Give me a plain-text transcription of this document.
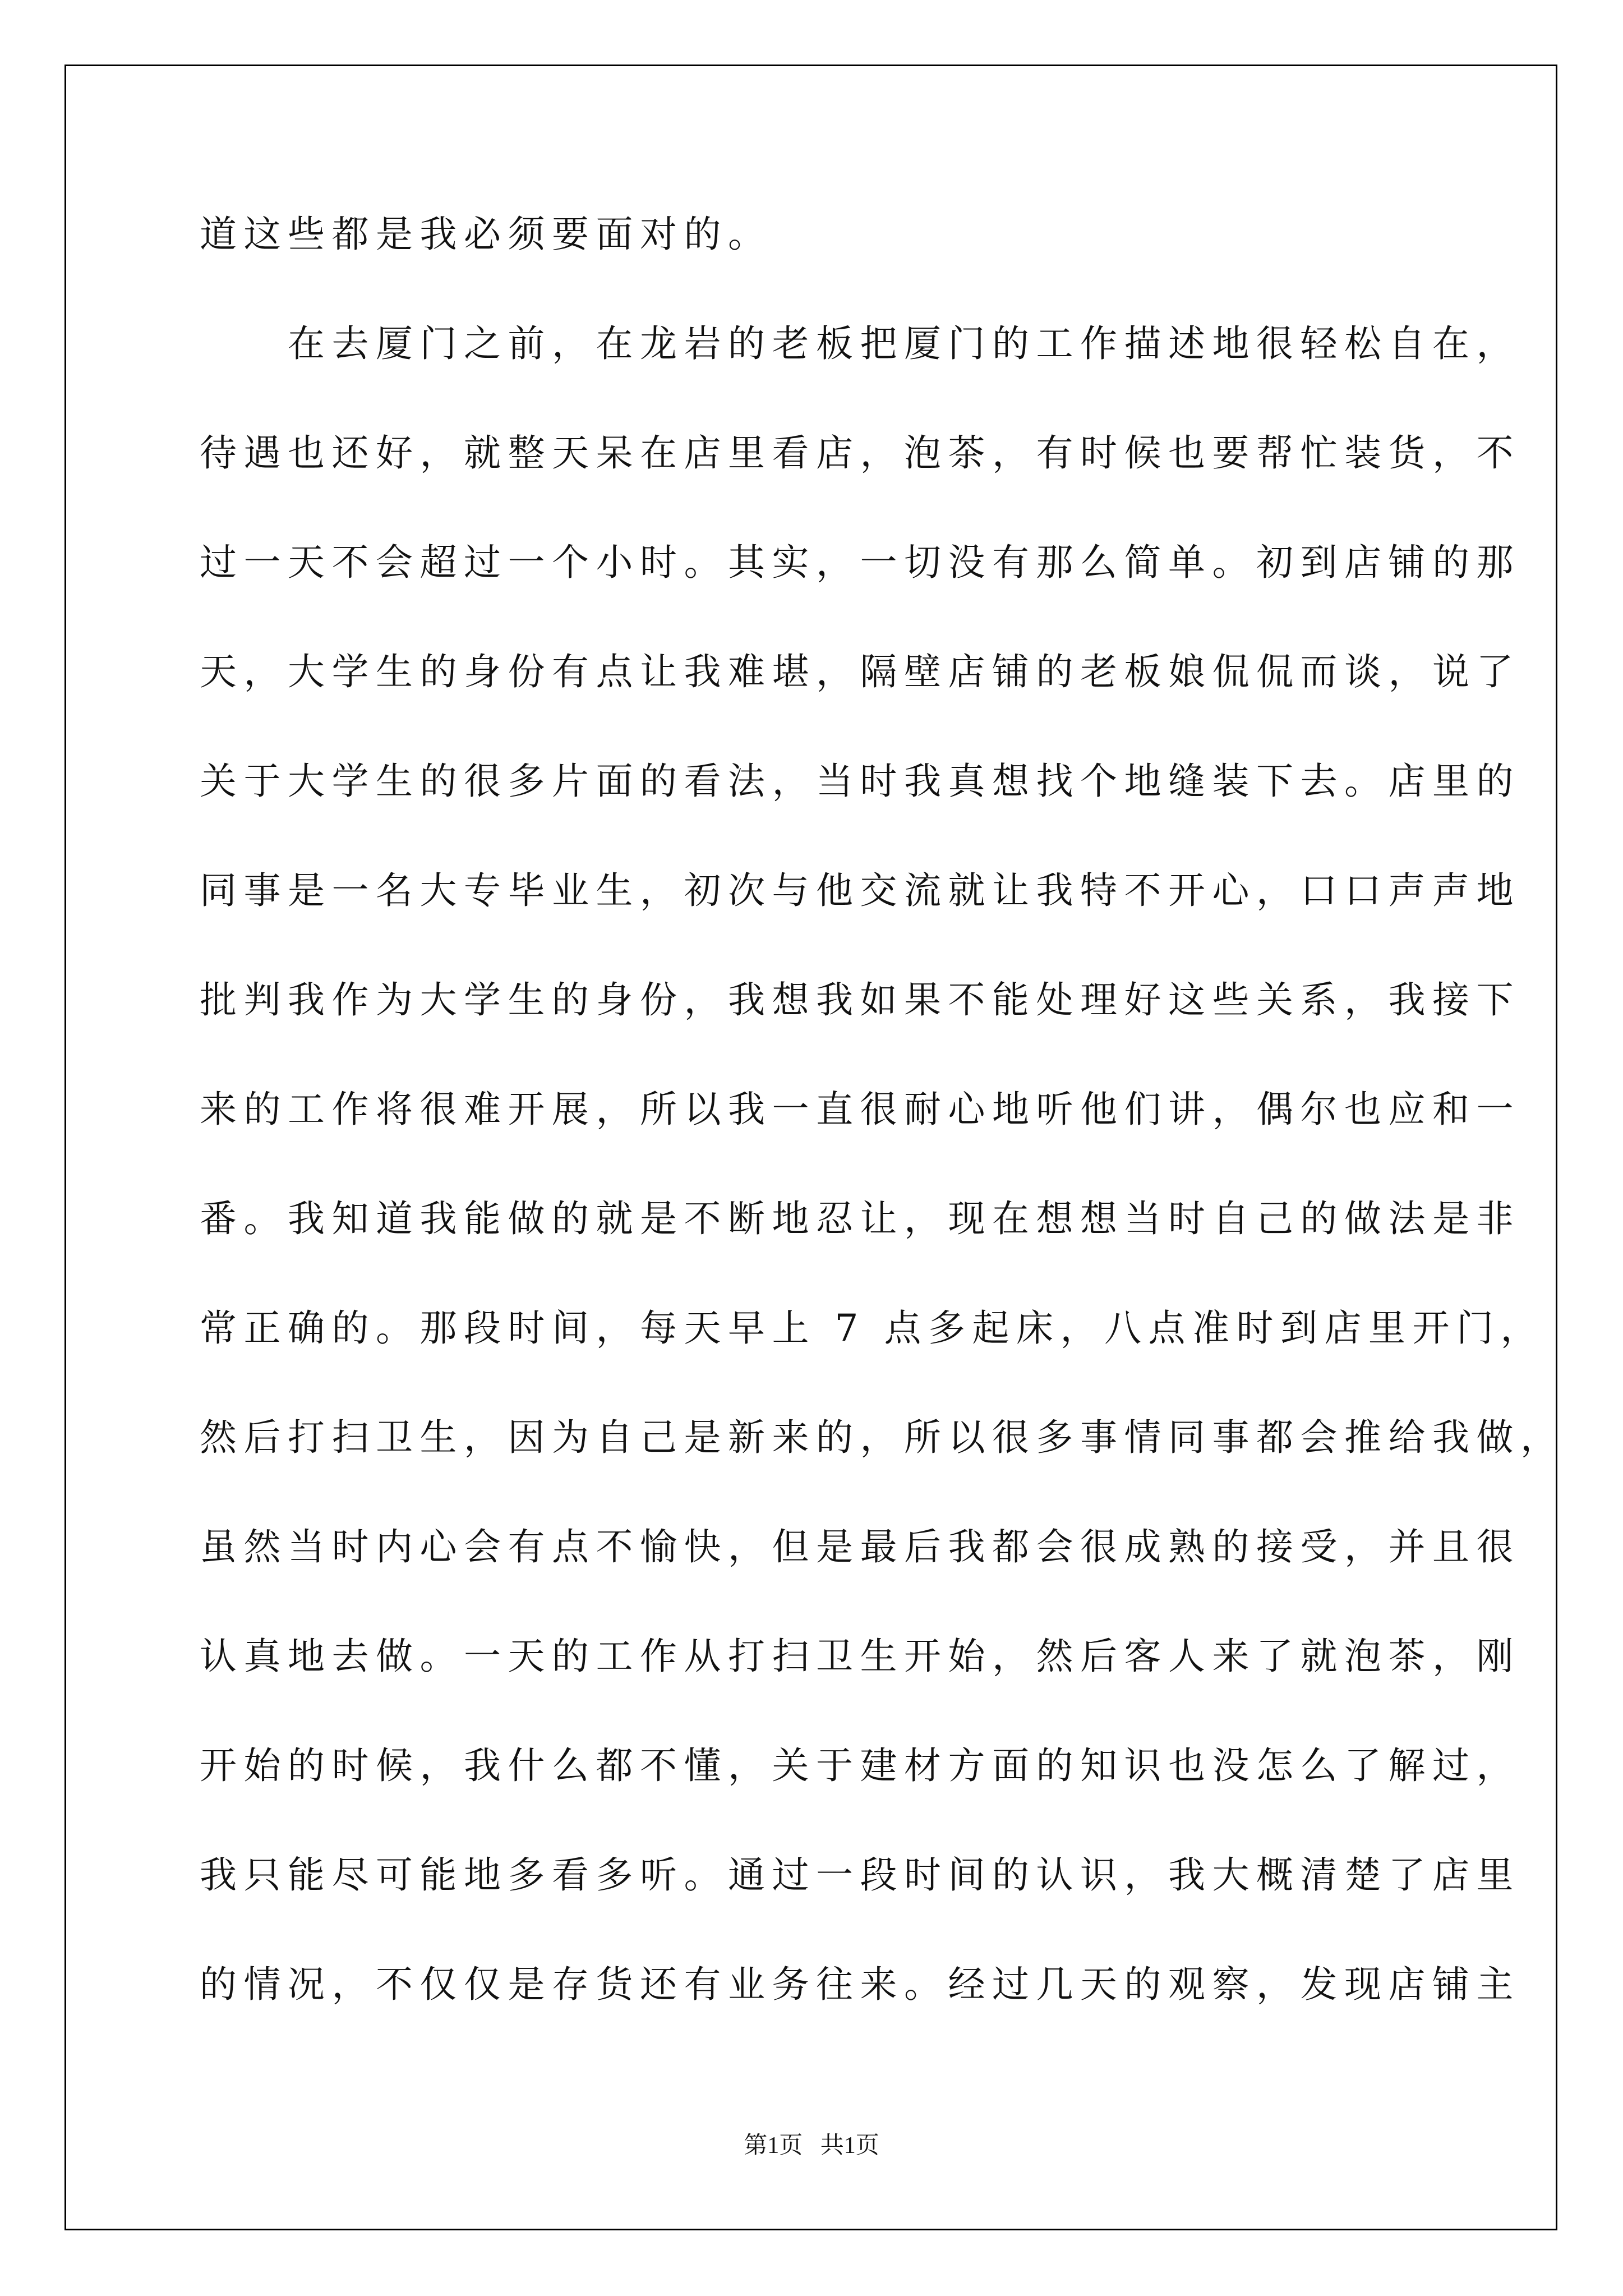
道这些都是我必须要面对的。
　　在去厦门之前，在龙岩的老板把厦门的工作描述地很轻松自在，
待遇也还好，就整天呆在店里看店，泡茶，有时候也要帮忙装货，不
过一天不会超过一个小时。其实，一切没有那么简单。初到店铺的那
天，大学生的身份有点让我难堪，隔壁店铺的老板娘侃侃而谈，说了
关于大学生的很多片面的看法，当时我真想找个地缝装下去。店里的
同事是一名大专毕业生，初次与他交流就让我特不开心，口口声声地
批判我作为大学生的身份，我想我如果不能处理好这些关系，我接下
来的工作将很难开展，所以我一直很耐心地听他们讲，偶尔也应和一
番。我知道我能做的就是不断地忍让，现在想想当时自己的做法是非
常正确的。那段时间，每天早上 7 点多起床，八点准时到店里开门，
然后打扫卫生，因为自己是新来的，所以很多事情同事都会推给我做，
虽然当时内心会有点不愉快，但是最后我都会很成熟的接受，并且很
认真地去做。一天的工作从打扫卫生开始，然后客人来了就泡茶，刚
开始的时候，我什么都不懂，关于建材方面的知识也没怎么了解过，
我只能尽可能地多看多听。通过一段时间的认识，我大概清楚了店里
的情况，不仅仅是存货还有业务往来。经过几天的观察，发现店铺主
第1页   共1页
